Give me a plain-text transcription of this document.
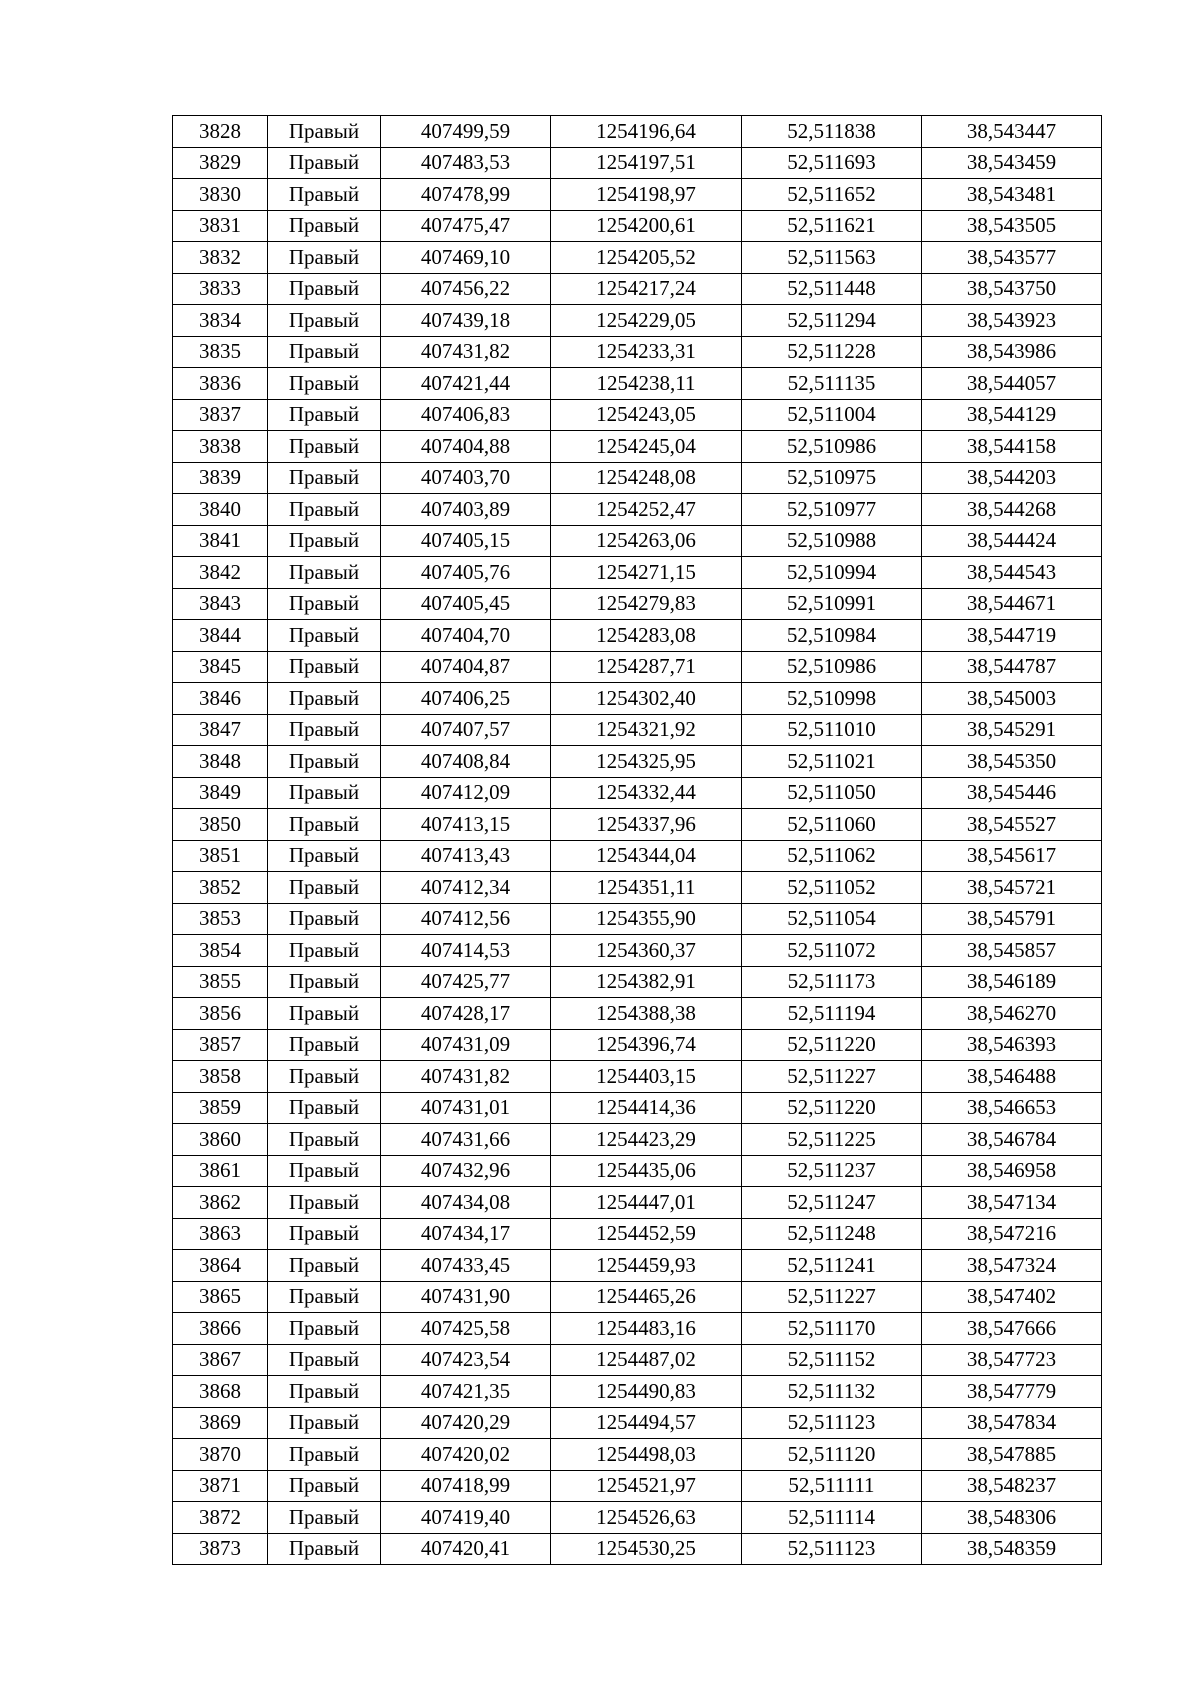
3828	Правый	407499,59	1254196,64	52,511838	38,543447
3829	Правый	407483,53	1254197,51	52,511693	38,543459
3830	Правый	407478,99	1254198,97	52,511652	38,543481
3831	Правый	407475,47	1254200,61	52,511621	38,543505
3832	Правый	407469,10	1254205,52	52,511563	38,543577
3833	Правый	407456,22	1254217,24	52,511448	38,543750
3834	Правый	407439,18	1254229,05	52,511294	38,543923
3835	Правый	407431,82	1254233,31	52,511228	38,543986
3836	Правый	407421,44	1254238,11	52,511135	38,544057
3837	Правый	407406,83	1254243,05	52,511004	38,544129
3838	Правый	407404,88	1254245,04	52,510986	38,544158
3839	Правый	407403,70	1254248,08	52,510975	38,544203
3840	Правый	407403,89	1254252,47	52,510977	38,544268
3841	Правый	407405,15	1254263,06	52,510988	38,544424
3842	Правый	407405,76	1254271,15	52,510994	38,544543
3843	Правый	407405,45	1254279,83	52,510991	38,544671
3844	Правый	407404,70	1254283,08	52,510984	38,544719
3845	Правый	407404,87	1254287,71	52,510986	38,544787
3846	Правый	407406,25	1254302,40	52,510998	38,545003
3847	Правый	407407,57	1254321,92	52,511010	38,545291
3848	Правый	407408,84	1254325,95	52,511021	38,545350
3849	Правый	407412,09	1254332,44	52,511050	38,545446
3850	Правый	407413,15	1254337,96	52,511060	38,545527
3851	Правый	407413,43	1254344,04	52,511062	38,545617
3852	Правый	407412,34	1254351,11	52,511052	38,545721
3853	Правый	407412,56	1254355,90	52,511054	38,545791
3854	Правый	407414,53	1254360,37	52,511072	38,545857
3855	Правый	407425,77	1254382,91	52,511173	38,546189
3856	Правый	407428,17	1254388,38	52,511194	38,546270
3857	Правый	407431,09	1254396,74	52,511220	38,546393
3858	Правый	407431,82	1254403,15	52,511227	38,546488
3859	Правый	407431,01	1254414,36	52,511220	38,546653
3860	Правый	407431,66	1254423,29	52,511225	38,546784
3861	Правый	407432,96	1254435,06	52,511237	38,546958
3862	Правый	407434,08	1254447,01	52,511247	38,547134
3863	Правый	407434,17	1254452,59	52,511248	38,547216
3864	Правый	407433,45	1254459,93	52,511241	38,547324
3865	Правый	407431,90	1254465,26	52,511227	38,547402
3866	Правый	407425,58	1254483,16	52,511170	38,547666
3867	Правый	407423,54	1254487,02	52,511152	38,547723
3868	Правый	407421,35	1254490,83	52,511132	38,547779
3869	Правый	407420,29	1254494,57	52,511123	38,547834
3870	Правый	407420,02	1254498,03	52,511120	38,547885
3871	Правый	407418,99	1254521,97	52,511111	38,548237
3872	Правый	407419,40	1254526,63	52,511114	38,548306
3873	Правый	407420,41	1254530,25	52,511123	38,548359
